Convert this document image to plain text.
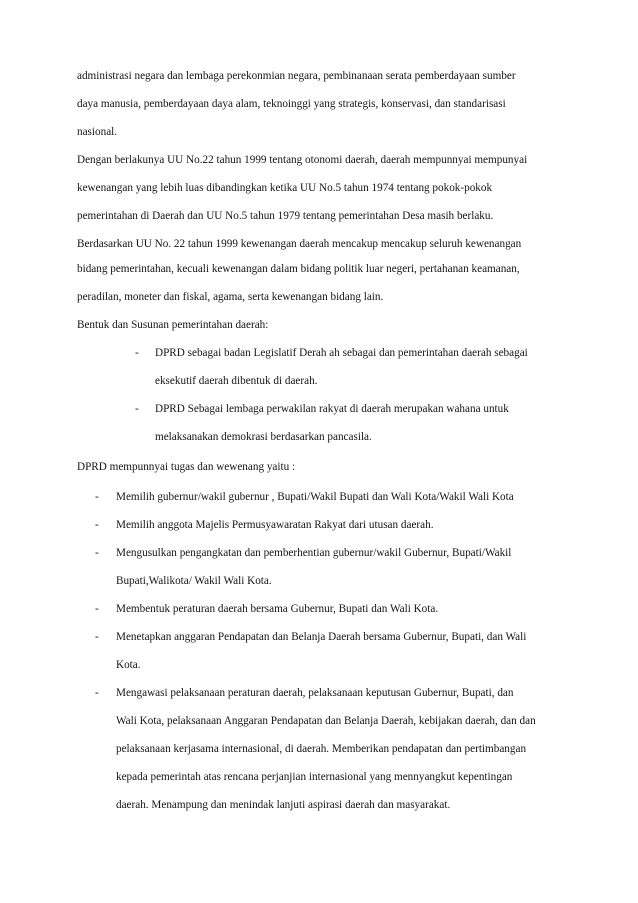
administrasi negara dan lembaga perekonmian negara, pembinanaan serata pemberdayaan sumber
daya manusia, pemberdayaan daya alam, teknoinggi yang strategis, konservasi, dan standarisasi
nasional.
Dengan berlakunya UU No.22 tahun 1999 tentang otonomi daerah, daerah mempunnyai mempunyai
kewenangan yang lebih luas dibandingkan ketika UU No.5 tahun 1974 tentang pokok-pokok
pemerintahan di Daerah dan UU No.5 tahun 1979 tentang pemerintahan Desa masih berlaku.
Berdasarkan UU No. 22 tahun 1999 kewenangan daerah mencakup mencakup seluruh kewenangan
bidang pemerintahan, kecuali kewenangan dalam bidang politik luar negeri, pertahanan keamanan,
peradilan, moneter dan fiskal, agama, serta kewenangan bidang lain.
Bentuk dan Susunan pemerintahan daerah:
- DPRD sebagai badan Legislatif Derah ah sebagai dan pemerintahan daerah sebagai
eksekutif daerah dibentuk di daerah.
- DPRD Sebagai lembaga perwakilan rakyat di daerah merupakan wahana untuk
melaksanakan demokrasi berdasarkan pancasila.
DPRD mempunnyai tugas dan wewenang yaitu :
- Memilih gubernur/wakil gubernur , Bupati/Wakil Bupati dan Wali Kota/Wakil Wali Kota
- Memilih anggota Majelis Permusyawaratan Rakyat dari utusan daerah.
- Mengusulkan pengangkatan dan pemberhentian gubernur/wakil Gubernur, Bupati/Wakil
Bupati,Walikota/ Wakil Wali Kota.
- Membentuk peraturan daerah bersama Gubernur, Bupati dan Wali Kota.
- Menetapkan anggaran Pendapatan dan Belanja Daerah bersama Gubernur, Bupati, dan Wali
Kota.
- Mengawasi pelaksanaan peraturan daerah, pelaksanaan keputusan Gubernur, Bupati, dan
Wali Kota, pelaksanaan Anggaran Pendapatan dan Belanja Daerah, kebijakan daerah, dan dan
pelaksanaan kerjasama internasional, di daerah. Memberikan pendapatan dan pertimbangan
kepada pemerintah atas rencana perjanjian internasional yang mennyangkut kepentingan
daerah. Menampung dan menindak lanjuti aspirasi daerah dan masyarakat.
